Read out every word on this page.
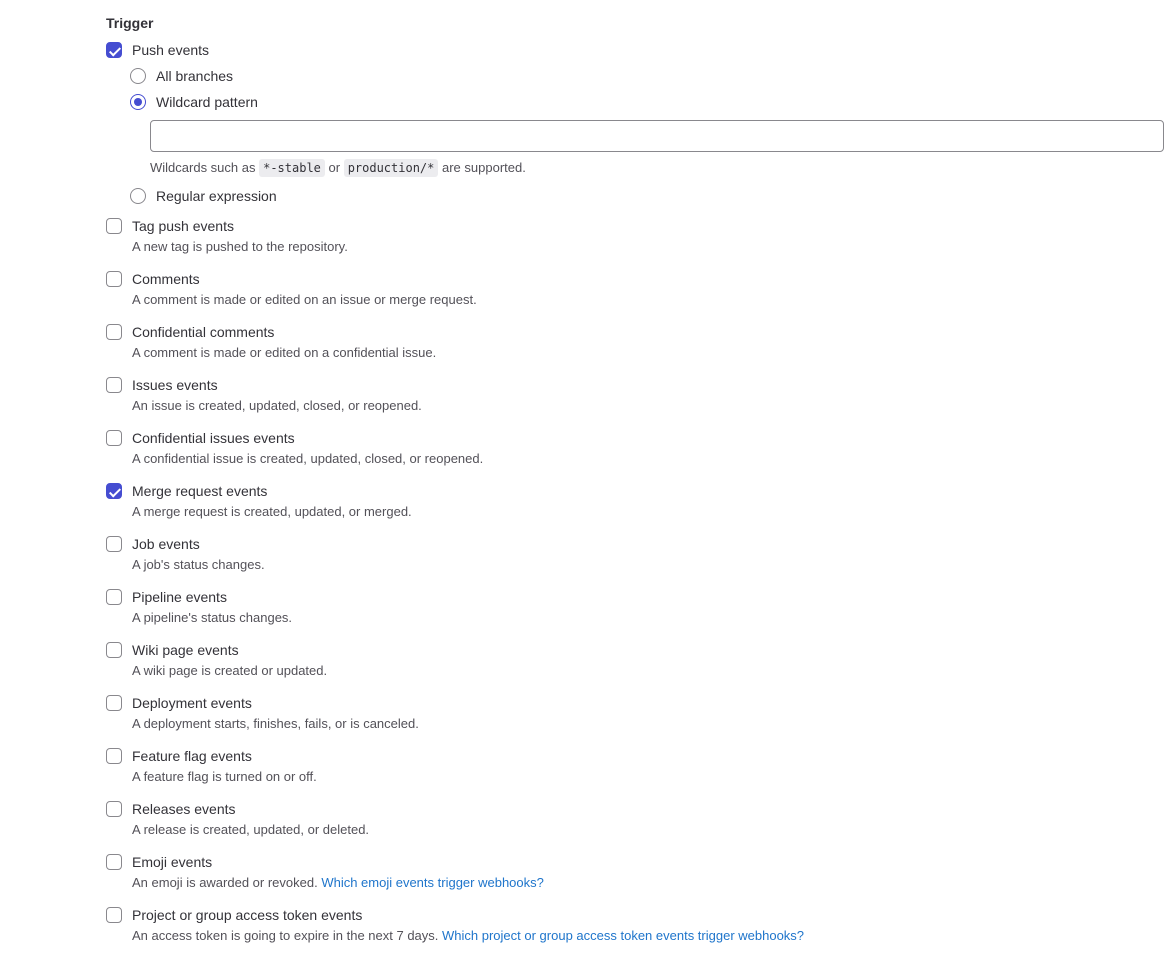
Trigger
Push events
All branches
Wildcard pattern
Wildcards such as *-stable or production/* are supported.
Regular expression
Tag push events
A new tag is pushed to the repository.
Comments
A comment is made or edited on an issue or merge request.
Confidential comments
A comment is made or edited on a confidential issue.
Issues events
An issue is created, updated, closed, or reopened.
Confidential issues events
A confidential issue is created, updated, closed, or reopened.
Merge request events
A merge request is created, updated, or merged.
Job events
A job's status changes.
Pipeline events
A pipeline's status changes.
Wiki page events
A wiki page is created or updated.
Deployment events
A deployment starts, finishes, fails, or is canceled.
Feature flag events
A feature flag is turned on or off.
Releases events
A release is created, updated, or deleted.
Emoji events
An emoji is awarded or revoked. Which emoji events trigger webhooks?
Project or group access token events
An access token is going to expire in the next 7 days. Which project or group access token events trigger webhooks?
